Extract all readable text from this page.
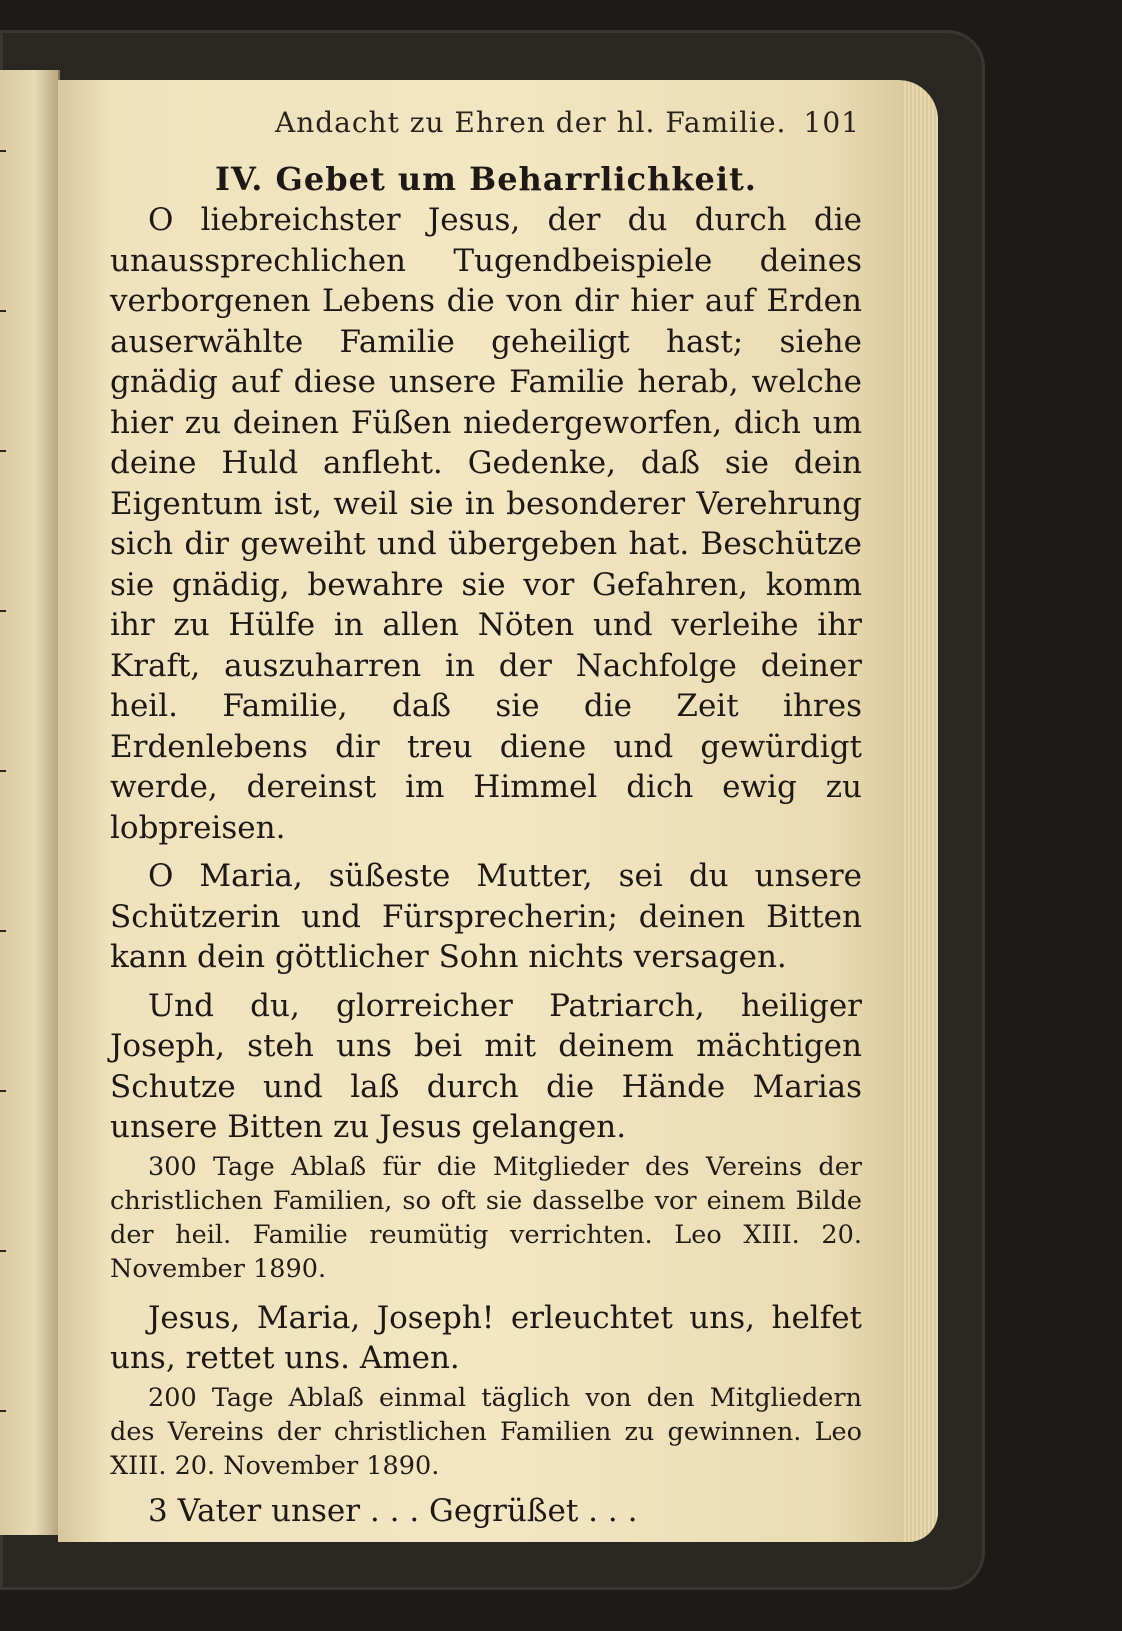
Andacht zu Ehren der hl. Familie. 101
IV. Gebet um Beharrlichkeit.

O liebreichster Jesus, der du durch die unaussprechlichen Tugendbeispiele deines verborgenen Lebens die von dir hier auf Erden auserwählte Familie geheiligt hast; siehe gnädig auf diese unsere Familie herab, welche hier zu deinen Füßen niedergeworfen, dich um deine Huld anfleht. Gedenke, daß sie dein Eigentum ist, weil sie in besonderer Verehrung sich dir geweiht und übergeben hat. Beschütze sie gnädig, bewahre sie vor Gefahren, komm ihr zu Hülfe in allen Nöten und verleihe ihr Kraft, auszuharren in der Nachfolge deiner heil. Familie, daß sie die Zeit ihres Erdenlebens dir treu diene und gewürdigt werde, dereinst im Himmel dich ewig zu lobpreisen.

O Maria, süßeste Mutter, sei du unsere Schützerin und Fürsprecherin; deinen Bitten kann dein göttlicher Sohn nichts versagen.

Und du, glorreicher Patriarch, heiliger Joseph, steh uns bei mit deinem mächtigen Schutze und laß durch die Hände Marias unsere Bitten zu Jesus gelangen.

300 Tage Ablaß für die Mitglieder des Vereins der christlichen Familien, so oft sie dasselbe vor einem Bilde der heil. Familie reumütig verrichten. Leo XIII. 20. November 1890.

Jesus, Maria, Joseph! erleuchtet uns, helfet uns, rettet uns. Amen.

200 Tage Ablaß einmal täglich von den Mitgliedern des Vereins der christlichen Familien zu gewinnen. Leo XIII. 20. November 1890.

3 Vater unser . . . Gegrüßet . . .
